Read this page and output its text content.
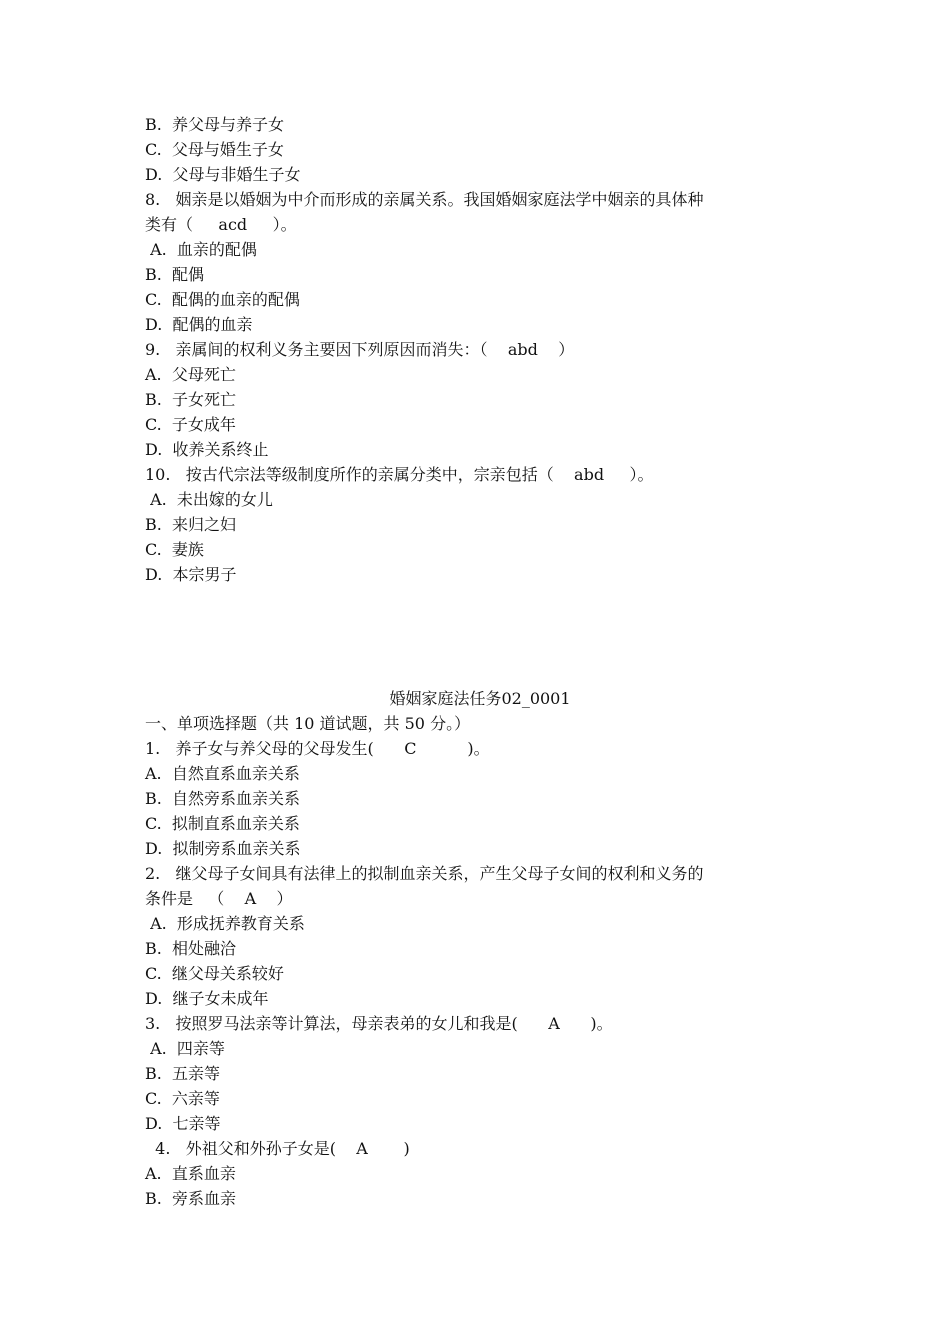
B.  养父母与养子女
C.  父母与婚生子女
D.  父母与非婚生子女
8.   姻亲是以婚姻为中介而形成的亲属关系。我国婚姻家庭法学中姻亲的具体种
类有（     acd     ）。
A.  血亲的配偶
B.  配偶
C.  配偶的血亲的配偶
D.  配偶的血亲
9.   亲属间的权利义务主要因下列原因而消失：（    abd    ）
A.  父母死亡
B.  子女死亡
C.  子女成年
D.  收养关系终止
10.   按古代宗法等级制度所作的亲属分类中，宗亲包括（    abd     ）。
A.  未出嫁的女儿
B.  来归之妇
C.  妻族
D.  本宗男子
婚姻家庭法任务02_0001
一、单项选择题（共 10 道试题，共 50 分。）
1.   养子女与养父母的父母发生(      C          )。
A.  自然直系血亲关系
B.  自然旁系血亲关系
C.  拟制直系血亲关系
D.  拟制旁系血亲关系
2.   继父母子女间具有法律上的拟制血亲关系，产生父母子女间的权利和义务的
条件是   （    A    ）
A.  形成抚养教育关系
B.  相处融洽
C.  继父母关系较好
D.  继子女未成年
3.   按照罗马法亲等计算法，母亲表弟的女儿和我是(      A      )。
A.  四亲等
B.  五亲等
C.  六亲等
D.  七亲等
4.   外祖父和外孙子女是(    A       )
A.  直系血亲
B.  旁系血亲
